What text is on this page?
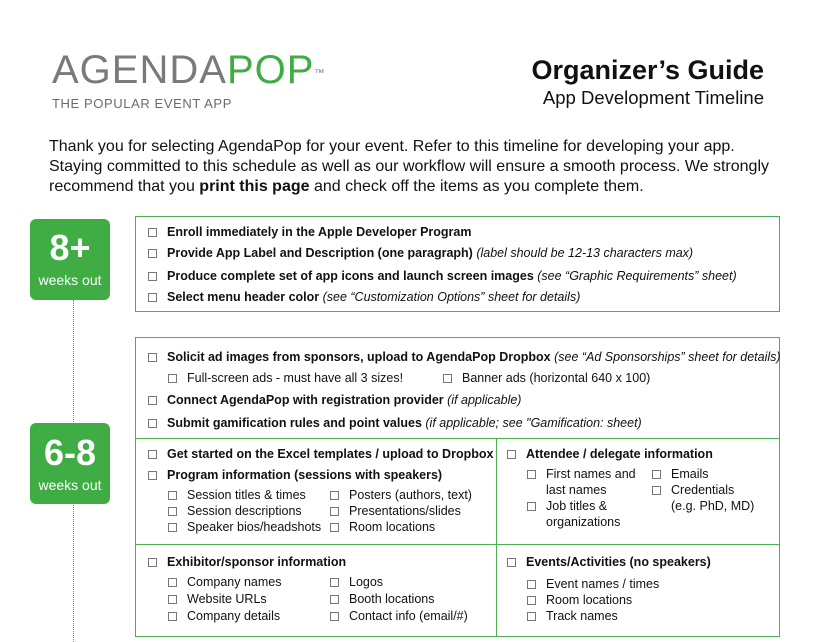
AGENDAPOP™
THE POPULAR EVENT APP
Organizer’s Guide
App Development Timeline
Thank you for selecting AgendaPop for your event. Refer to this timeline for developing your app. Staying committed to this schedule as well as our workflow will ensure a smooth process. We strongly recommend that you print this page and check off the items as you complete them.
8+
weeks out
6-8
weeks out
Enroll immediately in the Apple Developer Program
Provide App Label and Description (one paragraph) (label should be 12-13 characters max)
Produce complete set of app icons and launch screen images (see “Graphic Requirements” sheet)
Select menu header color (see “Customization Options” sheet for details)
Solicit ad images from sponsors, upload to AgendaPop Dropbox (see “Ad Sponsorships” sheet for details)
Full-screen ads - must have all 3 sizes!	Banner ads (horizontal 640 x 100)
Connect AgendaPop with registration provider (if applicable)
Submit gamification rules and point values (if applicable; see "Gamification: sheet)
Get started on the Excel templates / upload to Dropbox
Program information (sessions with speakers)
Session titles & times
Session descriptions
Speaker bios/headshots
Posters (authors, text)
Presentations/slides
Room locations
Attendee / delegate information
First names and
last names
Job titles &
organizations
Emails
Credentials
(e.g. PhD, MD)
Exhibitor/sponsor information
Company names
Website URLs
Company details
Logos
Booth locations
Contact info (email/#)
Events/Activities (no speakers)
Event names / times
Room locations
Track names
